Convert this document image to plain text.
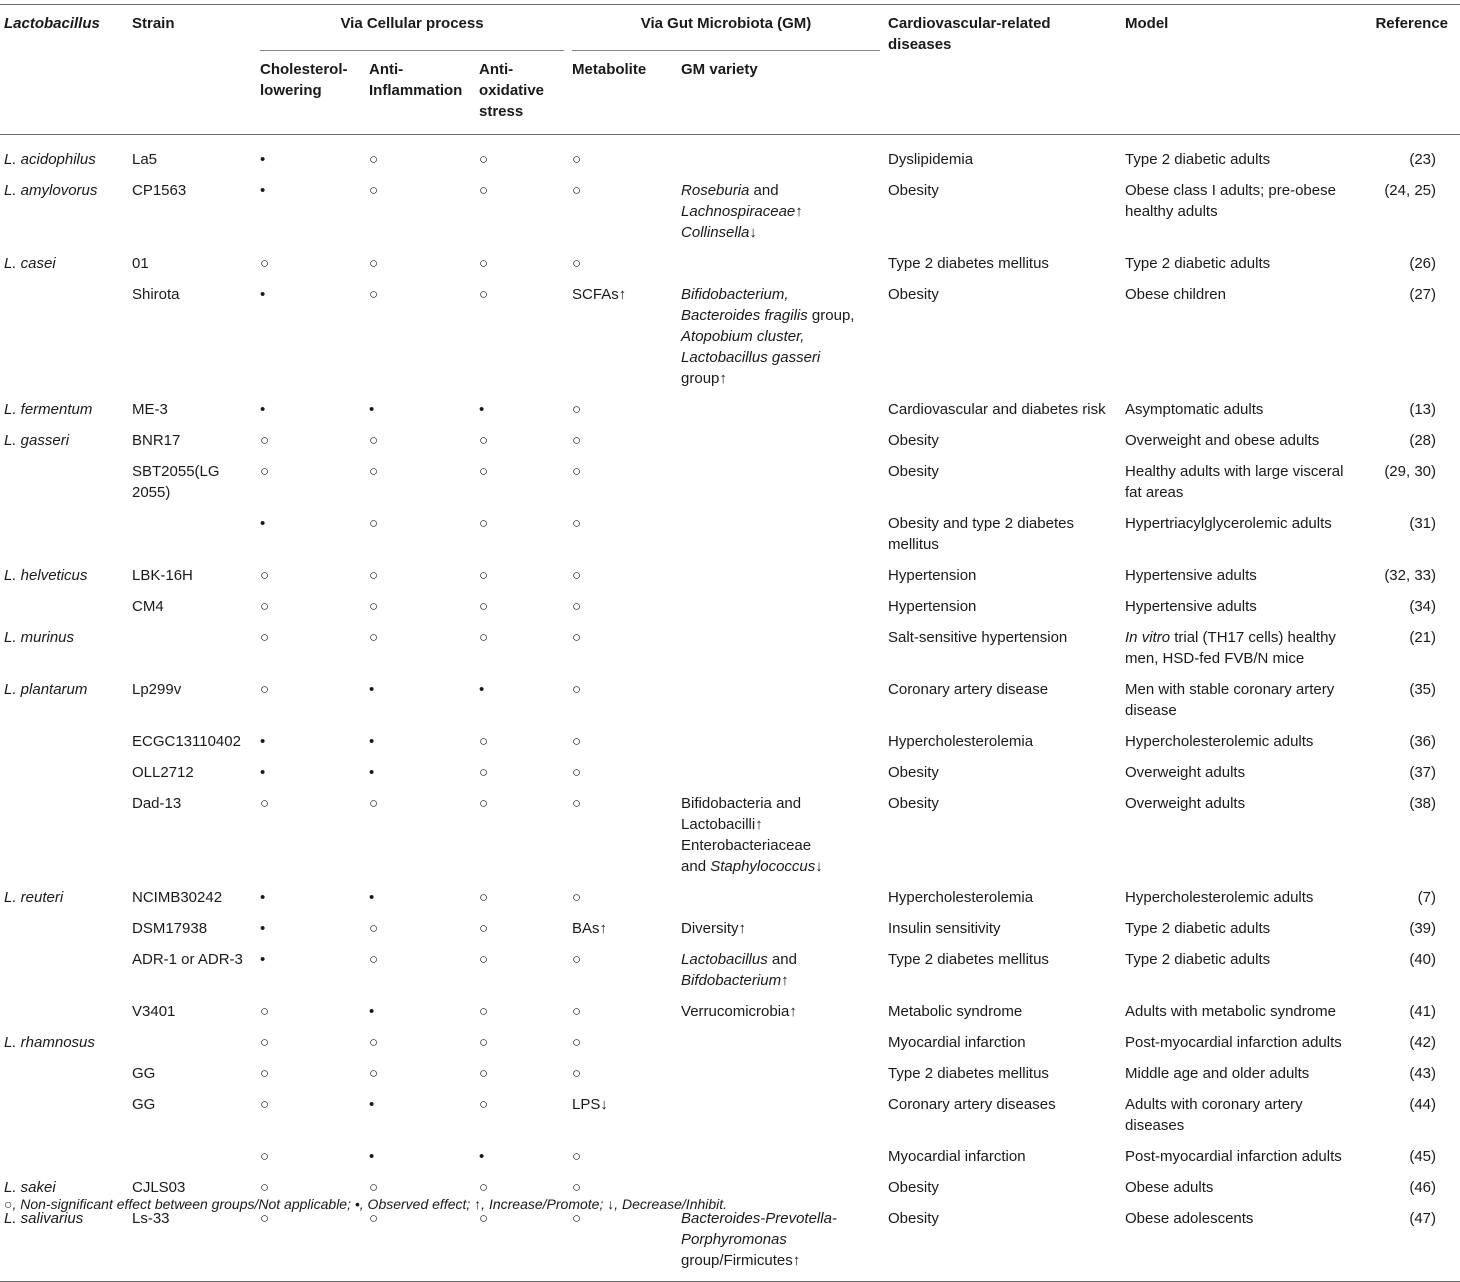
Lactobacillus	Strain	Via Cellular process			Via Gut Microbiota (GM)		Cardiovascular-related
diseases	Model	Reference

		Cholesterol-
lowering	Anti-
Inflammation	Anti-
oxidative
stress	Metabolite	GM variety			
L. acidophilus	La5	•	○	○	○		Dyslipidemia	Type 2 diabetic adults	(23)
L. amylovorus	CP1563	•	○	○	○	Roseburia and
Lachnospiraceae↑
Collinsella↓	Obesity	Obese class I adults; pre-obese
healthy adults	(24, 25)
L. casei	01	○	○	○	○		Type 2 diabetes mellitus	Type 2 diabetic adults	(26)

	Shirota	•	○	○	SCFAs↑	Bifidobacterium,
Bacteroides fragilis group,
Atopobium cluster,
Lactobacillus gasseri
group↑	Obesity	Obese children	(27)
L. fermentum	ME-3	•	•	•	○		Cardiovascular and diabetes risk	Asymptomatic adults	(13)
L. gasseri	BNR17	○	○	○	○		Obesity	Overweight and obese adults	(28)

	SBT2055(LG
2055)	○	○	○	○		Obesity	Healthy adults with large visceral
fat areas	(29, 30)
		•	○	○	○		Obesity and type 2 diabetes
mellitus	Hypertriacylglycerolemic adults	(31)
L. helveticus	LBK-16H	○	○	○	○		Hypertension	Hypertensive adults	(32, 33)

	CM4	○	○	○	○		Hypertension	Hypertensive adults	(34)
L. murinus		○	○	○	○		Salt-sensitive hypertension	In vitro trial (TH17 cells) healthy
men, HSD-fed FVB/N mice	(21)
L. plantarum	Lp299v	○	•	•	○		Coronary artery disease	Men with stable coronary artery
disease	(35)

	ECGC13110402	•	•	○	○		Hypercholesterolemia	Hypercholesterolemic adults	(36)

	OLL2712	•	•	○	○		Obesity	Overweight adults	(37)

	Dad-13	○	○	○	○	Bifidobacteria and
Lactobacilli↑
Enterobacteriaceae
and Staphylococcus↓	Obesity	Overweight adults	(38)
L. reuteri	NCIMB30242	•	•	○	○		Hypercholesterolemia	Hypercholesterolemic adults	(7)

	DSM17938	•	○	○	BAs↑	Diversity↑	Insulin sensitivity	Type 2 diabetic adults	(39)

	ADR-1 or ADR-3	•	○	○	○	Lactobacillus and
Bifdobacterium↑	Type 2 diabetes mellitus	Type 2 diabetic adults	(40)

	V3401	○	•	○	○	Verrucomicrobia↑	Metabolic syndrome	Adults with metabolic syndrome	(41)
L. rhamnosus		○	○	○	○		Myocardial infarction	Post-myocardial infarction adults	(42)

	GG	○	○	○	○		Type 2 diabetes mellitus	Middle age and older adults	(43)

	GG	○	•	○	LPS↓		Coronary artery diseases	Adults with coronary artery
diseases	(44)
		○	•	•	○		Myocardial infarction	Post-myocardial infarction adults	(45)
L. sakei	CJLS03	○	○	○	○		Obesity	Obese adults	(46)
L. salivarius	Ls-33	○	○	○	○	Bacteroides-Prevotella-
Porphyromonas
group/Firmicutes↑	Obesity	Obese adolescents	(47)
○, Non-significant effect between groups/Not applicable; •, Observed effect; ↑, Increase/Promote; ↓, Decrease/Inhibit.
